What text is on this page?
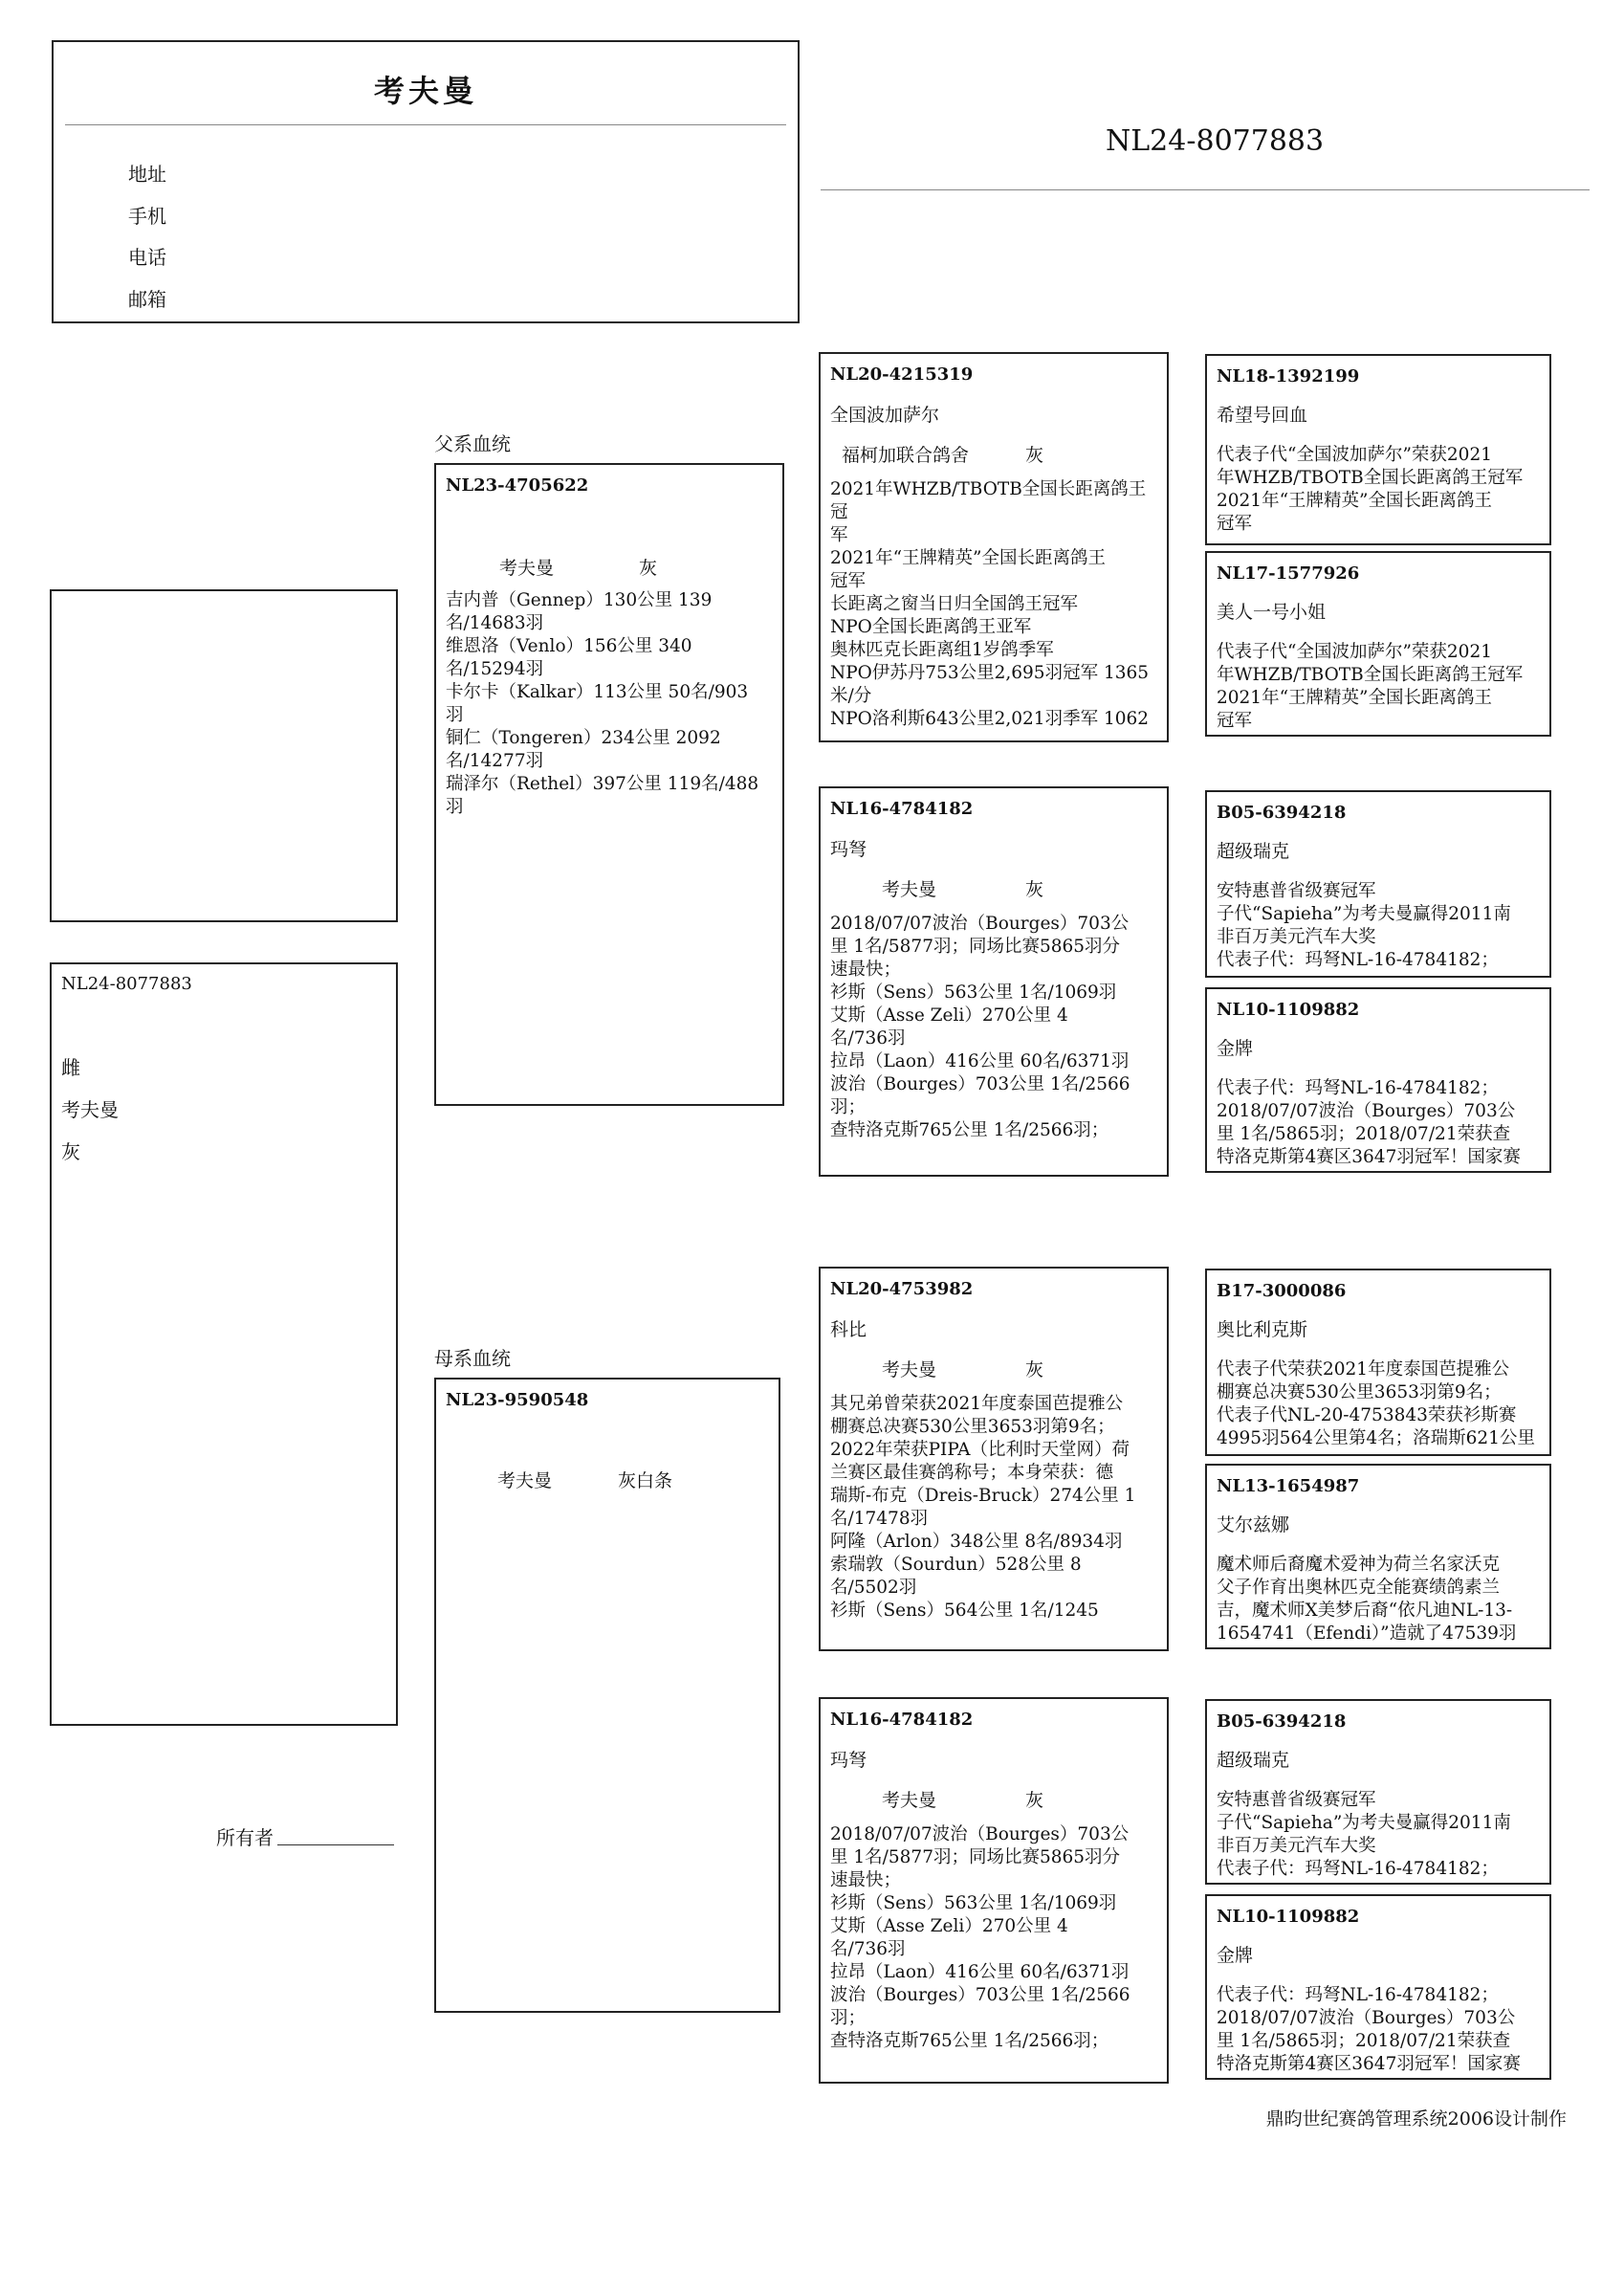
考夫曼
地址
手机
电话
邮箱
NL24-8077883
NL24-8077883
雌
考夫曼
灰
所有者
父系血统
母系血统
NL23-4705622
考夫曼	灰
吉内普（Gennep）130公里 139
名/14683羽
维恩洛（Venlo）156公里 340
名/15294羽
卡尔卡（Kalkar）113公里 50名/903
羽
铜仁（Tongeren）234公里 2092
名/14277羽
瑞泽尔（Rethel）397公里 119名/488
羽
NL23-9590548
考夫曼	灰白条
NL20-4215319
全国波加萨尔
福柯加联合鸽舍	灰
2021年WHZB/TBOTB全国长距离鸽王冠
军
2021年“王牌精英”全国长距离鸽王
冠军
长距离之窗当日归全国鸽王冠军
NPO全国长距离鸽王亚军
奥林匹克长距离组1岁鸽季军
NPO伊苏丹753公里2,695羽冠军 1365
米/分
NPO洛利斯643公里2,021羽季军 1062
NL16-4784182
玛弩
考夫曼	灰
2018/07/07波治（Bourges）703公
里 1名/5877羽；同场比赛5865羽分
速最快；
衫斯（Sens）563公里 1名/1069羽
艾斯（Asse Zeli）270公里 4
名/736羽
拉昂（Laon）416公里 60名/6371羽
波治（Bourges）703公里 1名/2566
羽；
查特洛克斯765公里 1名/2566羽；
NL20-4753982
科比
考夫曼	灰
其兄弟曾荣获2021年度泰国芭提雅公
棚赛总决赛530公里3653羽第9名；
2022年荣获PIPA（比利时天堂网）荷
兰赛区最佳赛鸽称号；本身荣获：德
瑞斯-布克（Dreis-Bruck）274公里 1
名/17478羽
阿隆（Arlon）348公里 8名/8934羽
索瑞敦（Sourdun）528公里 8
名/5502羽
衫斯（Sens）564公里 1名/1245
NL16-4784182
玛弩
考夫曼	灰
2018/07/07波治（Bourges）703公
里 1名/5877羽；同场比赛5865羽分
速最快；
衫斯（Sens）563公里 1名/1069羽
艾斯（Asse Zeli）270公里 4
名/736羽
拉昂（Laon）416公里 60名/6371羽
波治（Bourges）703公里 1名/2566
羽；
查特洛克斯765公里 1名/2566羽；
NL18-1392199
希望号回血
代表子代“全国波加萨尔”荣获2021
年WHZB/TBOTB全国长距离鸽王冠军
2021年“王牌精英”全国长距离鸽王
冠军
NL17-1577926
美人一号小姐
代表子代“全国波加萨尔”荣获2021
年WHZB/TBOTB全国长距离鸽王冠军
2021年“王牌精英”全国长距离鸽王
冠军
B05-6394218
超级瑞克
安特惠普省级赛冠军
子代“Sapieha”为考夫曼赢得2011南
非百万美元汽车大奖
代表子代：玛弩NL-16-4784182；
NL10-1109882
金牌
代表子代：玛弩NL-16-4784182；
2018/07/07波治（Bourges）703公
里 1名/5865羽；2018/07/21荣获查
特洛克斯第4赛区3647羽冠军！国家赛
B17-3000086
奥比利克斯
代表子代荣获2021年度泰国芭提雅公
棚赛总决赛530公里3653羽第9名；
代表子代NL-20-4753843荣获衫斯赛
4995羽564公里第4名；洛瑞斯621公里
NL13-1654987
艾尔兹娜
魔术师后裔魔术爱神为荷兰名家沃克
父子作育出奥林匹克全能赛绩鸽素兰
吉，魔术师X美梦后裔“依凡迪NL-13-
1654741（Efendi）”造就了47539羽
B05-6394218
超级瑞克
安特惠普省级赛冠军
子代“Sapieha”为考夫曼赢得2011南
非百万美元汽车大奖
代表子代：玛弩NL-16-4784182；
NL10-1109882
金牌
代表子代：玛弩NL-16-4784182；
2018/07/07波治（Bourges）703公
里 1名/5865羽；2018/07/21荣获查
特洛克斯第4赛区3647羽冠军！国家赛
鼎昀世纪赛鸽管理系统2006设计制作
